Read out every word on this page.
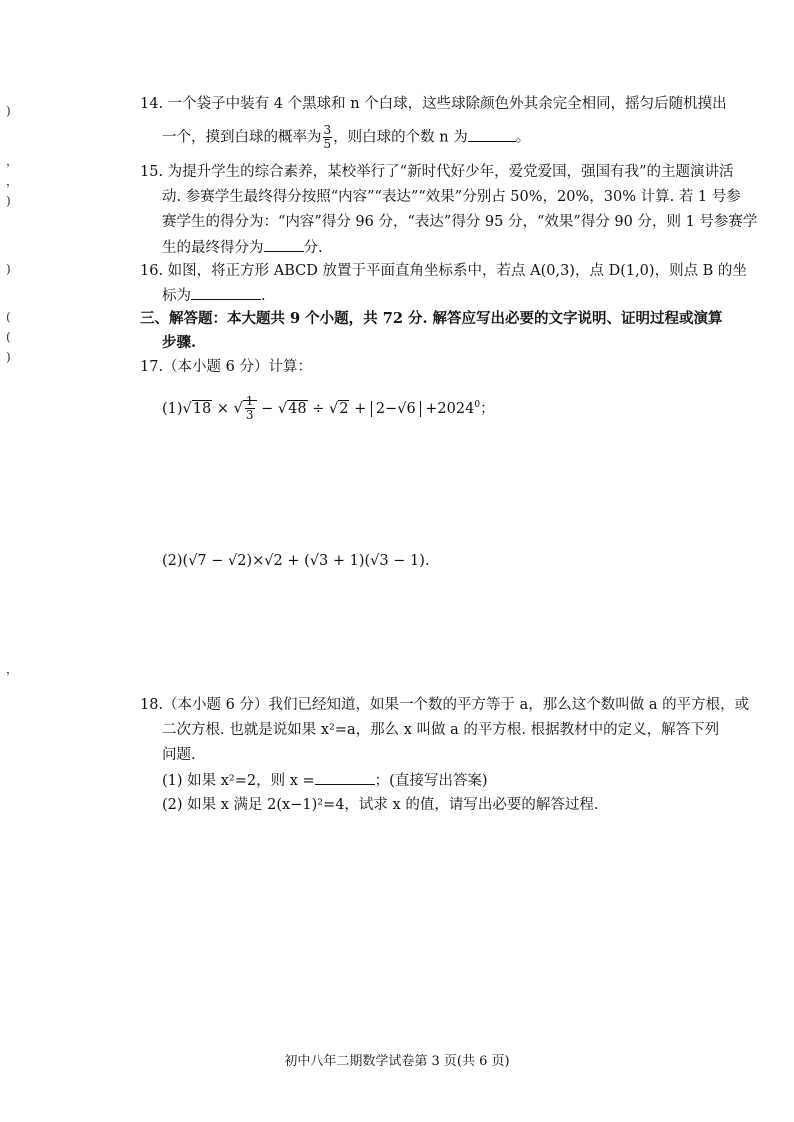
)
，
，
)
)
(
(
)
，
14. 一个袋子中装有 4 个黑球和 n 个白球，这些球除颜色外其余完全相同，摇匀后随机摸出
一个，摸到白球的概率为 $\frac{3}{5}$ ，则白球的个数 n 为	。
15. 为提升学生的综合素养，某校举行了“新时代好少年，爱党爱国，强国有我”的主题演讲活
动. 参赛学生最终得分按照“内容”“表达”“效果”分别占 50%，20%，30% 计算. 若 1 号参
赛学生的得分为：“内容”得分 96 分，“表达”得分 95 分，“效果”得分 90 分，则 1 号参赛学
生的最终得分为	分.
16. 如图，将正方形 ABCD 放置于平面直角坐标系中，若点 A(0,3)，点 D(1,0)，则点 B 的坐
标为	.
三、解答题：本大题共 9 个小题，共 72 分. 解答应写出必要的文字说明、证明过程或演算
步骤.
17.（本小题 6 分）计算：
(1)√18 × √ $\frac{1}{3} - √48 \div √2 + 2-√6 +2024^0$；
(2)(√7 − √2)×√2 + (√3 + 1)(√3 − 1).
18.（本小题 6 分）我们已经知道，如果一个数的平方等于 a，那么这个数叫做 a 的平方根，或
二次方根. 也就是说如果 x²=a，那么 x 叫做 a 的平方根. 根据教材中的定义，解答下列
问题.
(1) 如果 x²=2，则 x =	；(直接写出答案)
(2) 如果 x 满足 2(x−1)²=4，试求 x 的值，请写出必要的解答过程.
初中八年二期数学试卷第 3 页(共 6 页)
